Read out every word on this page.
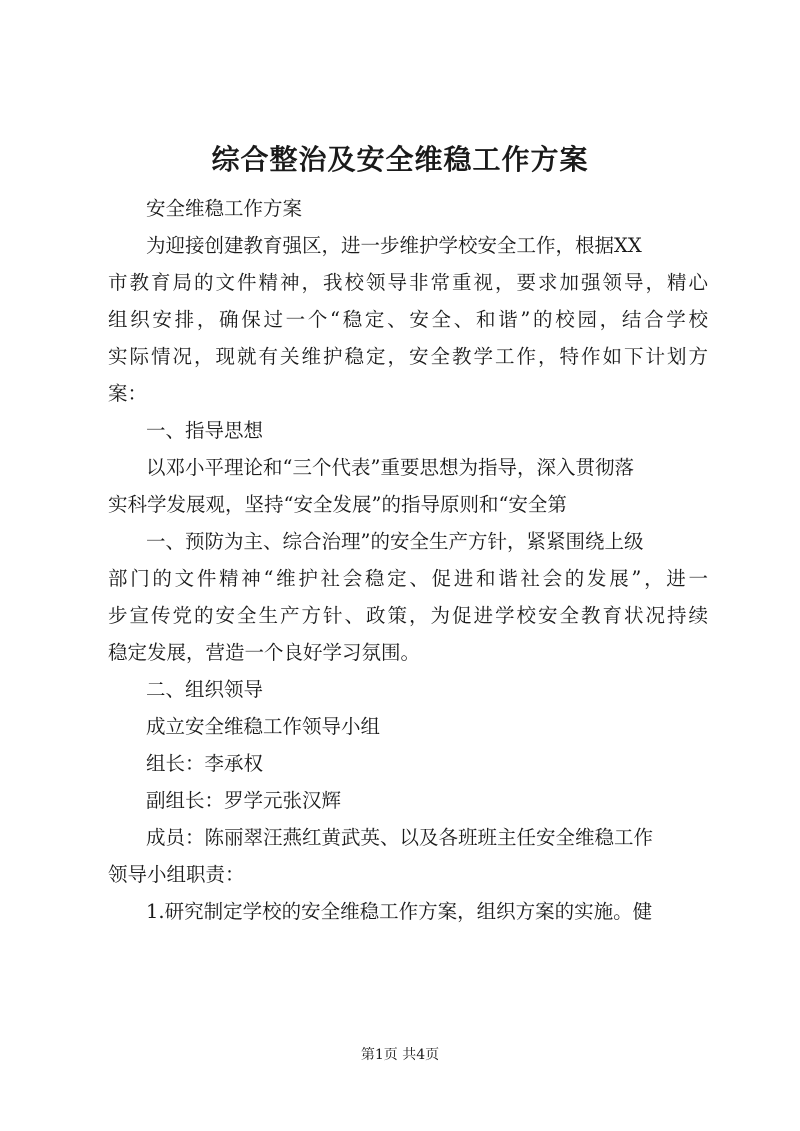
综合整治及安全维稳工作方案

安全维稳工作方案

为迎接创建教育强区，进一步维护学校安全工作，根据XX

市教育局的文件精神，我校领导非常重视，要求加强领导，精心

组织安排，确保过一个“稳定、安全、和谐”的校园，结合学校

实际情况，现就有关维护稳定，安全教学工作，特作如下计划方

案：

一、指导思想

以邓小平理论和“三个代表”重要思想为指导，深入贯彻落

实科学发展观，坚持“安全发展”的指导原则和“安全第

一、预防为主、综合治理”的安全生产方针，紧紧围绕上级

部门的文件精神“维护社会稳定、促进和谐社会的发展”，进一

步宣传党的安全生产方针、政策，为促进学校安全教育状况持续

稳定发展，营造一个良好学习氛围。

二、组织领导

成立安全维稳工作领导小组

组长：李承权

副组长：罗学元张汉辉

成员：陈丽翠汪燕红黄武英、以及各班班主任安全维稳工作

领导小组职责：

1.研究制定学校的安全维稳工作方案，组织方案的实施。健

第1页 共4页
